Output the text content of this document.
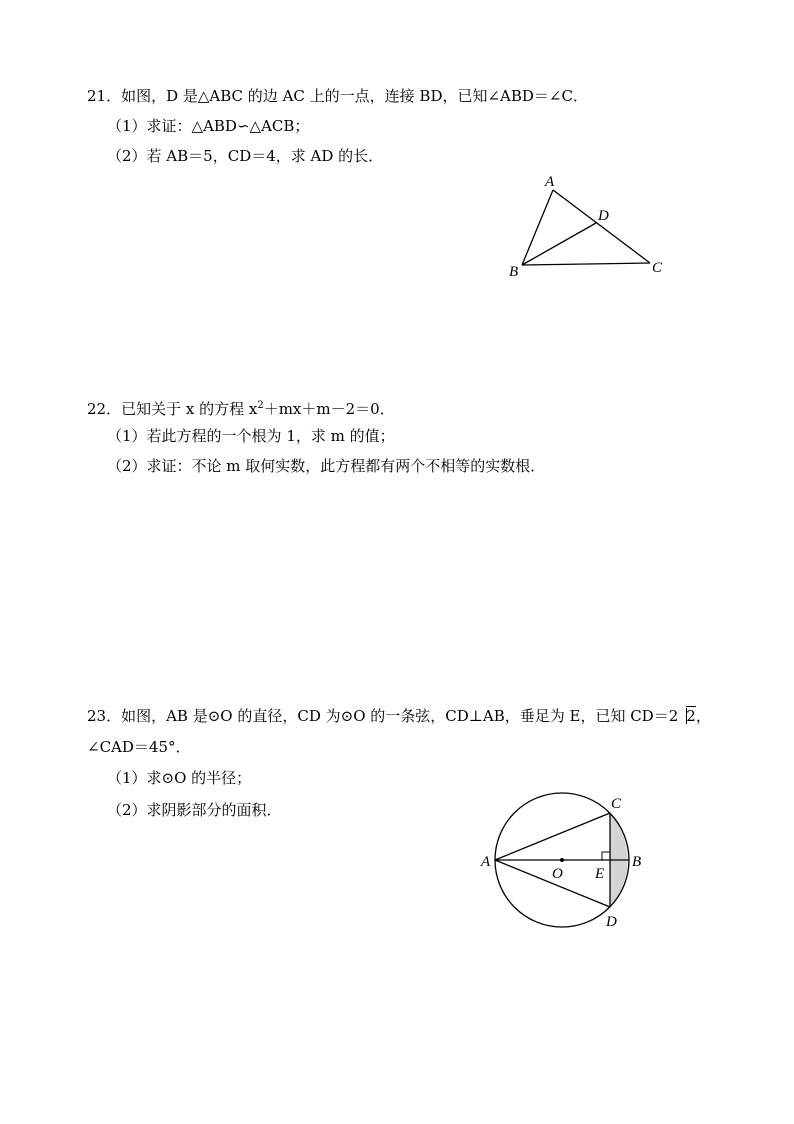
21．如图，D 是△ABC 的边 AC 上的一点，连接 BD，已知∠ABD＝∠C．
（1）求证：△ABD∽△ACB；
（2）若 AB＝5，CD＝4，求 AD 的长．
A
D
B	C
22．已知关于 x 的方程 $x^2+mx+m-2=0$．
（1）若此方程的一个根为 1，求 m 的值；
（2）求证：不论 m 取何实数，此方程都有两个不相等的实数根．
23．如图，AB 是⊙O 的直径，CD 为⊙O 的一条弦，CD⊥AB，垂足为 E，已知 CD＝2 2，
∠CAD＝45°．
（1）求⊙O 的半径；
（2）求阴影部分的面积．	C
A	B
O E
D
